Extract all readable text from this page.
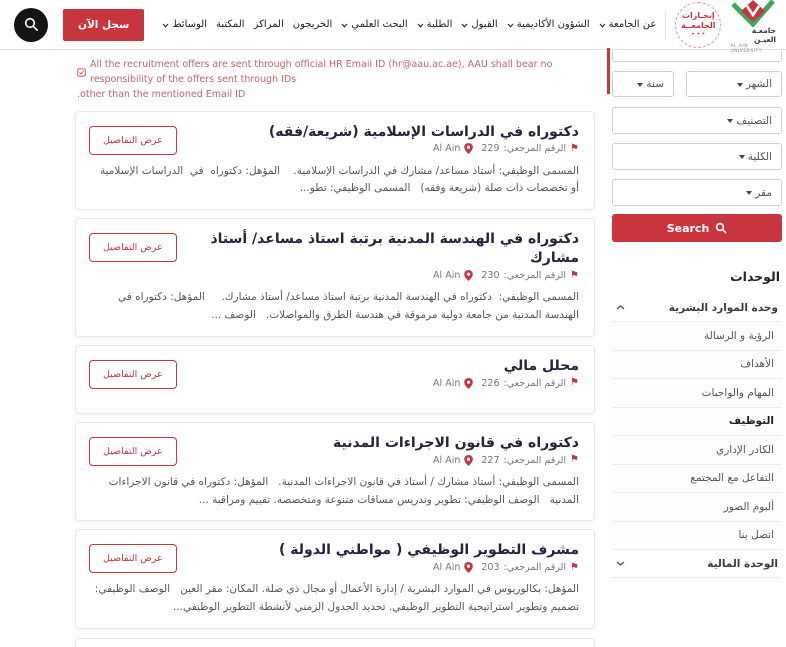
جامعـة العيـن
AL AIN UNIVERSITY
إنجـازات
الجامعــة
٭ ٭ ٭
عن الجامعة
الشؤون الأكاديمية
القبول
الطلبة
البحث العلمي
الخريجون
المراكز
المكتبة
الوسائط
سجل الآن
الشهر
سنة
التصنيف
الكلية
مقر
Search
الوحدات
وحدة الموارد البشرية
الرؤية و الرسالة
الأهداف
المهام والواجبات
التوظيف
الكادر الإداري
التفاعل مع المجتمع
ألبوم الصور
اتصل بنا
الوحدة المالية
All the recruitment offers are sent through official HR Email ID (hr@aau.ac.ae), AAU shall bear no responsibility of the offers sent through IDs
other than the mentioned Email ID.
دكتوراه في الدراسات الإسلامية (شريعة/فقه)
⚑
الرقم المرجعي:
229
Al Ain
عرض التفاصيل
المسمى الوظيفي: أستاذ مساعد/ مشارك في الدراسات الإسلامية.    المؤهل: دكتوراه  في  الدراسات الإسلامية أو تخصصات ذات صلة (شريعة وفقه)   المسمى الوظيفي: تطو...
دكتوراه في الهندسة المدنية برتبة استاذ مساعد/ أستاذ مشارك
⚑
الرقم المرجعي:
230
Al Ain
عرض التفاصيل
المسمى الوظيفي:  دكتوراه في الهندسة المدنية برتبة استاذ مساعد/ أستاذ مشارك.     المؤهل: دكتوراه في الهندسة المدنية من جامعة دولية مرموقة في هندسة الطرق والمواصلات.   الوصف ...
محلل مالي
⚑
الرقم المرجعي:
226
Al Ain
عرض التفاصيل
دكتوراه في قانون الاجراءات المدنية
⚑
الرقم المرجعي:
227
Al Ain
عرض التفاصيل
المسمى الوظيفي: أستاذ مشارك / أستاذ في قانون الاجراءات المدنية.   المؤهل: دكتوراه في قانون الاجراءات المدنية   الوصف الوظيفي: تطوير وتدريس مساقات متنوعة ومتخصصة. تقييم ومراقبة ...
مشرف التطوير الوظيفي ( مواطني الدولة )
⚑
الرقم المرجعي:
203
Al Ain
عرض التفاصيل
المؤهل: بكالوريوس في الموارد البشرية / إدارة الأعمال أو مجال ذي صلة. المكان: مقر العين   الوصف الوظيفي: تصميم وتطوير استراتيجية التطوير الوظيفي. تحديد الجدول الزمني لأنشطة التطوير الوظيفي...
